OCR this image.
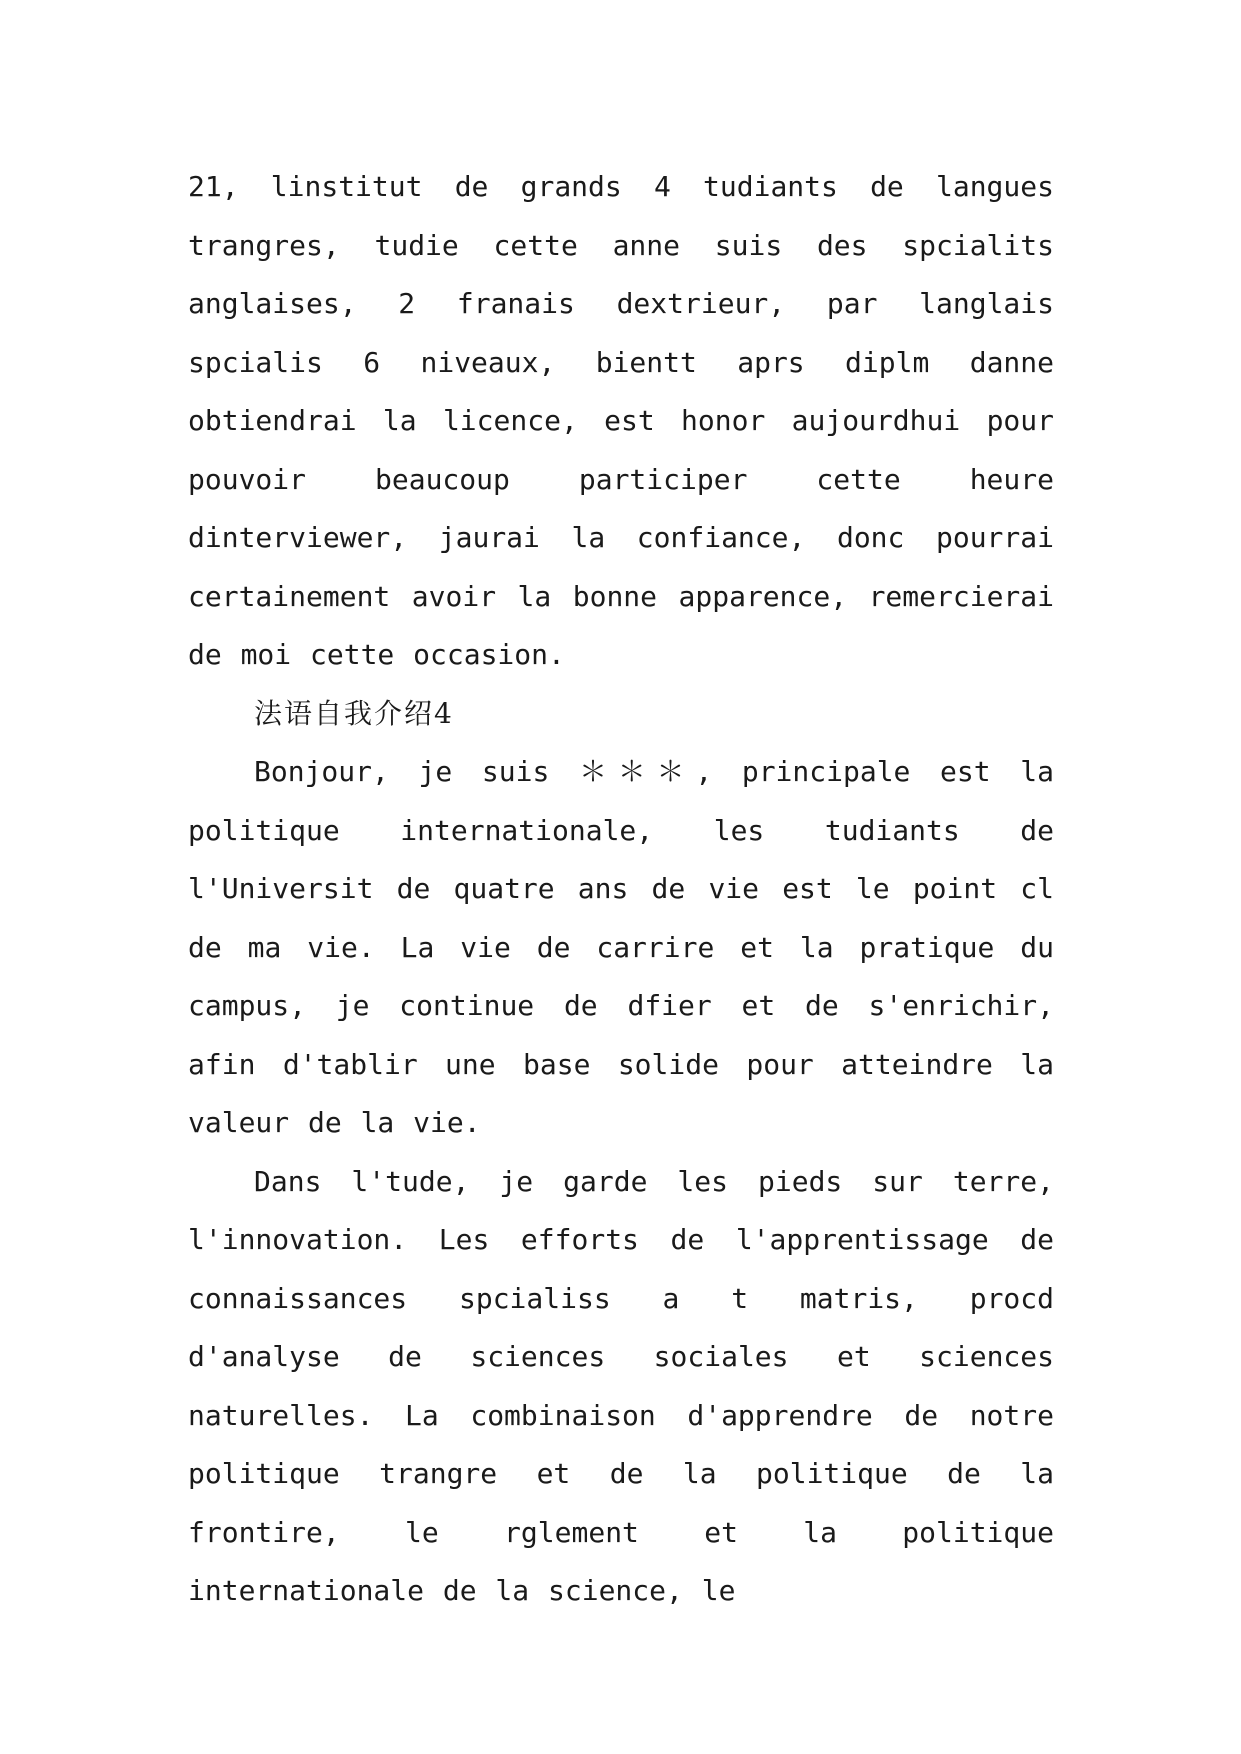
21, linstitut de grands 4 tudiants de langues trangres, tudie cette anne suis des spcialits anglaises, 2 franais dextrieur, par langlais spcialis 6 niveaux, bientt aprs diplm danne obtiendrai la licence, est honor aujourdhui pour pouvoir beaucoup participer cette heure dinterviewer, jaurai la confiance, donc pourrai certainement avoir la bonne apparence, remercierai de moi cette occasion.

法语自我介绍4

Bonjour, je suis ＊＊＊, principale est la politique internationale, les tudiants de l'Universit de quatre ans de vie est le point cl de ma vie. La vie de carrire et la pratique du campus, je continue de dfier et de s'enrichir, afin d'tablir une base solide pour atteindre la valeur de la vie.

Dans l'tude, je garde les pieds sur terre, l'innovation. Les efforts de l'apprentissage de connaissances spcialiss a t matris, procd d'analyse de sciences sociales et sciences naturelles. La combinaison d'apprendre de notre politique trangre et de la politique de la frontire, le rglement et la politique internationale de la science, le
